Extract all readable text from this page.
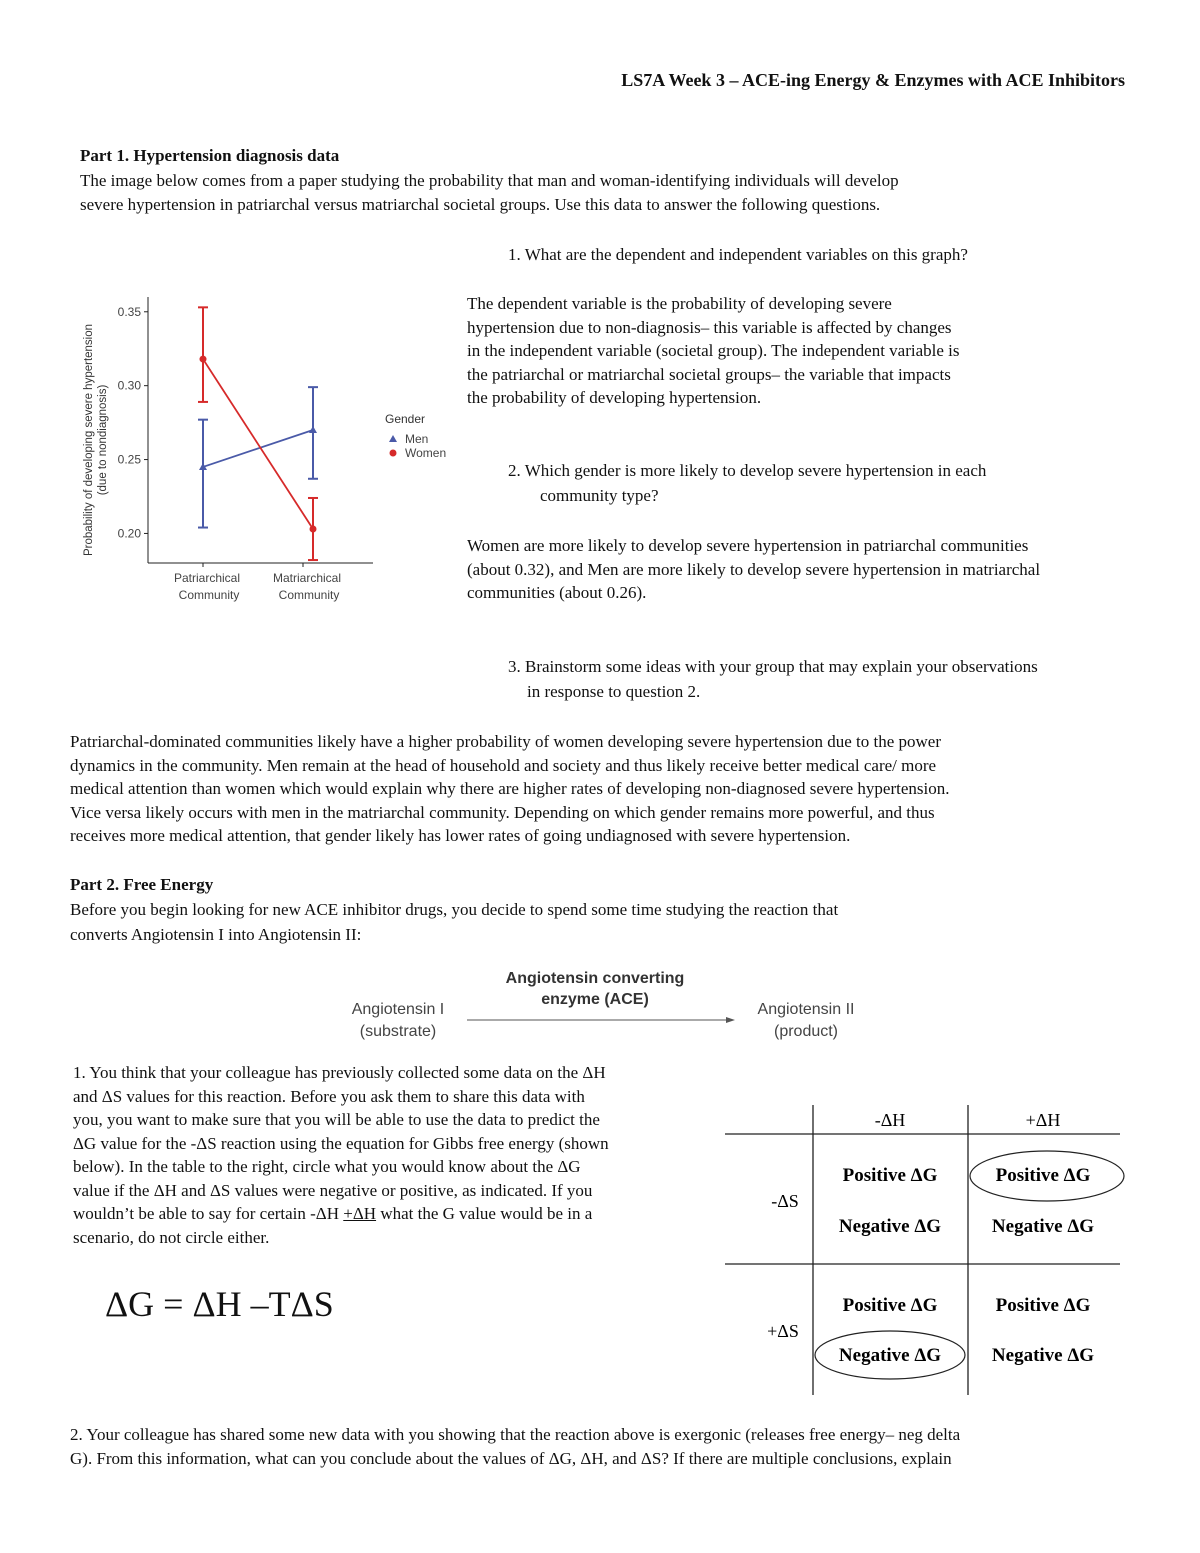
LS7A Week 3 – ACE-ing Energy & Enzymes with ACE Inhibitors
Part 1. Hypertension diagnosis data
The image below comes from a paper studying the probability that man and woman-identifying individuals will develop
severe hypertension in patriarchal versus matriarchal societal groups. Use this data to answer the following questions.
1. What are the dependent and independent variables on this graph?
The dependent variable is the probability of developing severe
hypertension due to non-diagnosis– this variable is affected by changes
in the independent variable (societal group). The independent variable is
the patriarchal or matriarchal societal groups– the variable that impacts
the probability of developing hypertension.
2. Which gender is more likely to develop severe hypertension in each
community type?
Women are more likely to develop severe hypertension in patriarchal communities
(about 0.32), and Men are more likely to develop severe hypertension in matriarchal
communities (about 0.26).
3. Brainstorm some ideas with your group that may explain your observations
in response to question 2.
Patriarchal-dominated communities likely have a higher probability of women developing severe hypertension due to the power
dynamics in the community. Men remain at the head of household and society and thus likely receive better medical care/ more
medical attention than women which would explain why there are higher rates of developing non-diagnosed severe hypertension.
Vice versa likely occurs with men in the matriarchal community. Depending on which gender remains more powerful, and thus
receives more medical attention, that gender likely has lower rates of going undiagnosed with severe hypertension.
Probability of developing severe hypertension (due to nondiagnosis)
0.20
0.25
0.30
0.35
Patriarchical
Community
Matriarchical
Community
Gender
Men
Women
Part 2. Free Energy
Before you begin looking for new ACE inhibitor drugs, you decide to spend some time studying the reaction that
converts Angiotensin I into Angiotensin II:
Angiotensin converting
enzyme (ACE)
Angiotensin I
(substrate)
Angiotensin II
(product)
1. You think that your colleague has previously collected some data on the ΔH
and ΔS values for this reaction. Before you ask them to share this data with
you, you want to make sure that you will be able to use the data to predict the
ΔG value for the -ΔS reaction using the equation for Gibbs free energy (shown
below). In the table to the right, circle what you would know about the ΔG
value if the ΔH and ΔS values were negative or positive, as indicated. If you
wouldn’t be able to say for certain -ΔH +ΔH what the G value would be in a
scenario, do not circle either.
ΔG = ΔH –TΔS
-ΔH	+ΔH
-ΔS
+ΔS
Positive ΔG
Negative ΔG
Positive ΔG
Negative ΔG
Positive ΔG
Negative ΔG
Positive ΔG
Negative ΔG
2. Your colleague has shared some new data with you showing that the reaction above is exergonic (releases free energy– neg delta
G). From this information, what can you conclude about the values of ΔG, ΔH, and ΔS? If there are multiple conclusions, explain
